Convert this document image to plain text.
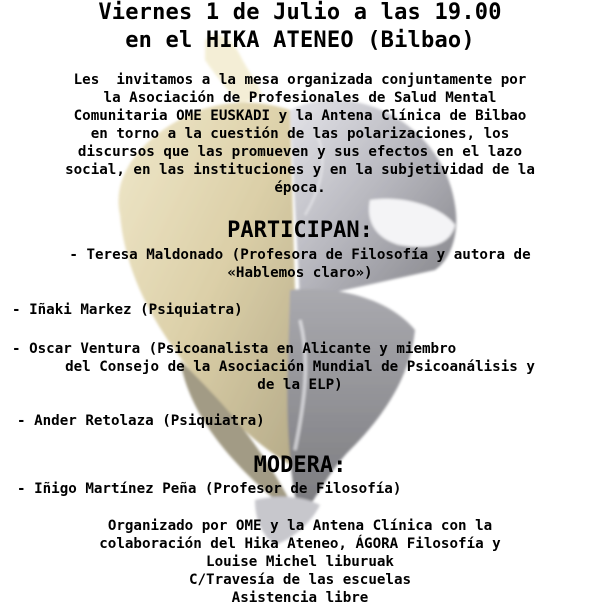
Viernes 1 de Julio a las 19.00
en el HIKA ATENEO (Bilbao)
Les  invitamos a la mesa organizada conjuntamente por
la Asociación de Profesionales de Salud Mental
Comunitaria OME EUSKADI y la Antena Clínica de Bilbao
en torno a la cuestión de las polarizaciones, los
discursos que las promueven y sus efectos en el lazo
social, en las instituciones y en la subjetividad de la
época.
PARTICIPAN:
- Teresa Maldonado (Profesora de Filosofía y autora de
«Hablemos claro»)
- Iñaki Markez (Psiquiatra)
- Oscar Ventura (Psicoanalista en Alicante y miembro
del Consejo de la Asociación Mundial de Psicoanálisis y
de la ELP)
- Ander Retolaza (Psiquiatra)
MODERA:
- Iñigo Martínez Peña (Profesor de Filosofía)
Organizado por OME y la Antena Clínica con la
colaboración del Hika Ateneo, ÁGORA Filosofía y
Louise Michel liburuak
C/Travesía de las escuelas
Asistencia libre
